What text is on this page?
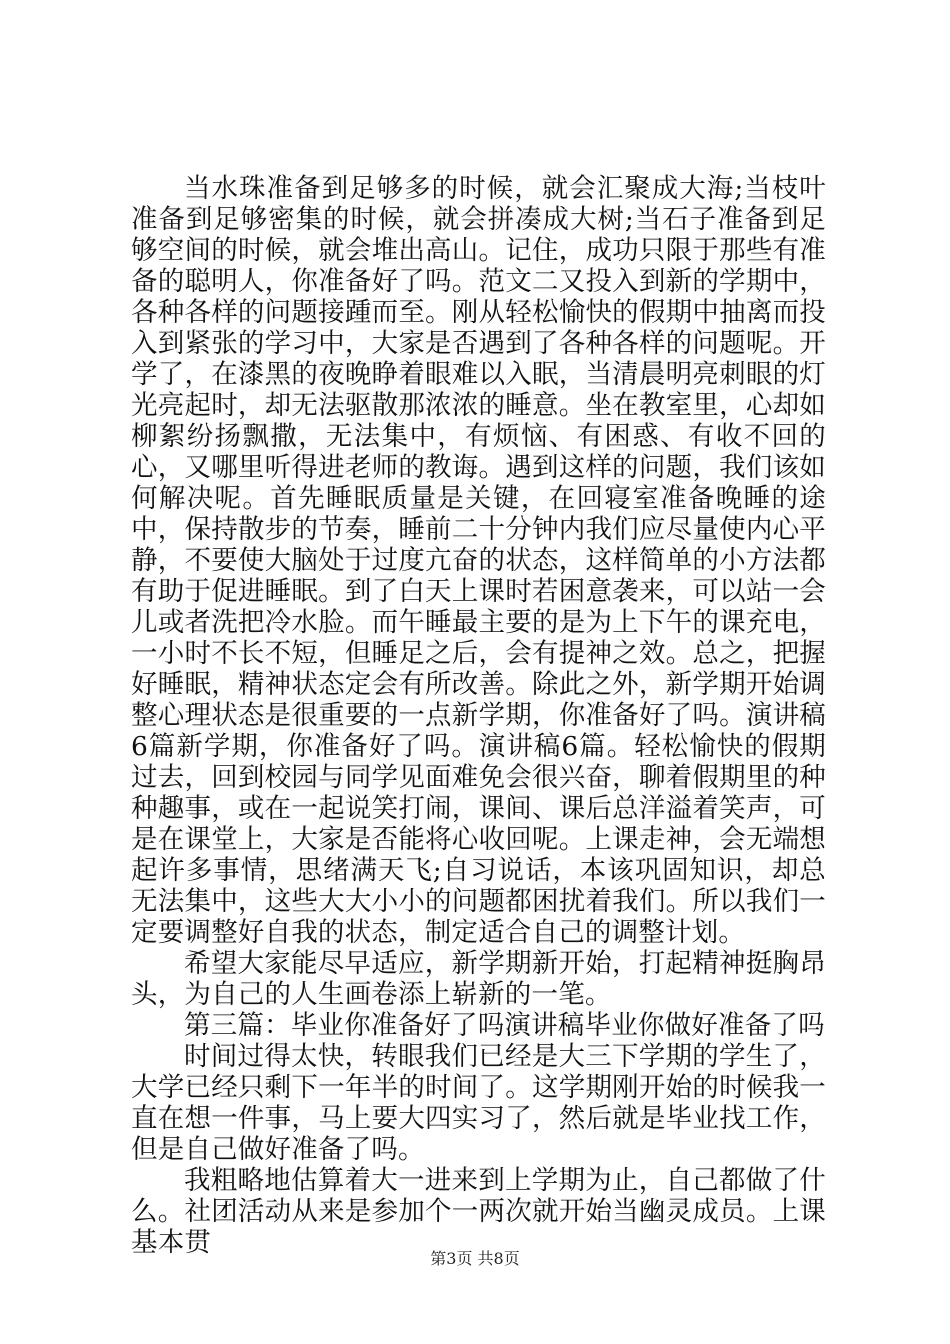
当水珠准备到足够多的时候，就会汇聚成大海;当枝叶准备到足够密集的时候，就会拼凑成大树;当石子准备到足够空间的时候，就会堆出高山。记住，成功只限于那些有准备的聪明人，你准备好了吗。范文二又投入到新的学期中，各种各样的问题接踵而至。刚从轻松愉快的假期中抽离而投入到紧张的学习中，大家是否遇到了各种各样的问题呢。开学了，在漆黑的夜晚睁着眼难以入眠，当清晨明亮刺眼的灯光亮起时，却无法驱散那浓浓的睡意。坐在教室里，心却如柳絮纷扬飘撒，无法集中，有烦恼、有困惑、有收不回的心，又哪里听得进老师的教诲。遇到这样的问题，我们该如何解决呢。首先睡眠质量是关键，在回寝室准备晚睡的途中，保持散步的节奏，睡前二十分钟内我们应尽量使内心平静，不要使大脑处于过度亢奋的状态，这样简单的小方法都有助于促进睡眠。到了白天上课时若困意袭来，可以站一会儿或者洗把冷水脸。而午睡最主要的是为上下午的课充电，一小时不长不短，但睡足之后，会有提神之效。总之，把握好睡眠，精神状态定会有所改善。除此之外，新学期开始调整心理状态是很重要的一点新学期，你准备好了吗。演讲稿6篇新学期，你准备好了吗。演讲稿6篇。轻松愉快的假期过去，回到校园与同学见面难免会很兴奋，聊着假期里的种种趣事，或在一起说笑打闹，课间、课后总洋溢着笑声，可是在课堂上，大家是否能将心收回呢。上课走神，会无端想起许多事情，思绪满天飞;自习说话，本该巩固知识，却总无法集中，这些大大小小的问题都困扰着我们。所以我们一定要调整好自我的状态，制定适合自己的调整计划。

希望大家能尽早适应，新学期新开始，打起精神挺胸昂头，为自己的人生画卷添上崭新的一笔。

第三篇：毕业你准备好了吗演讲稿毕业你做好准备了吗

时间过得太快，转眼我们已经是大三下学期的学生了，大学已经只剩下一年半的时间了。这学期刚开始的时候我一直在想一件事，马上要大四实习了，然后就是毕业找工作，但是自己做好准备了吗。

我粗略地估算着大一进来到上学期为止，自己都做了什么。社团活动从来是参加个一两次就开始当幽灵成员。上课基本贯

第3页 共8页
